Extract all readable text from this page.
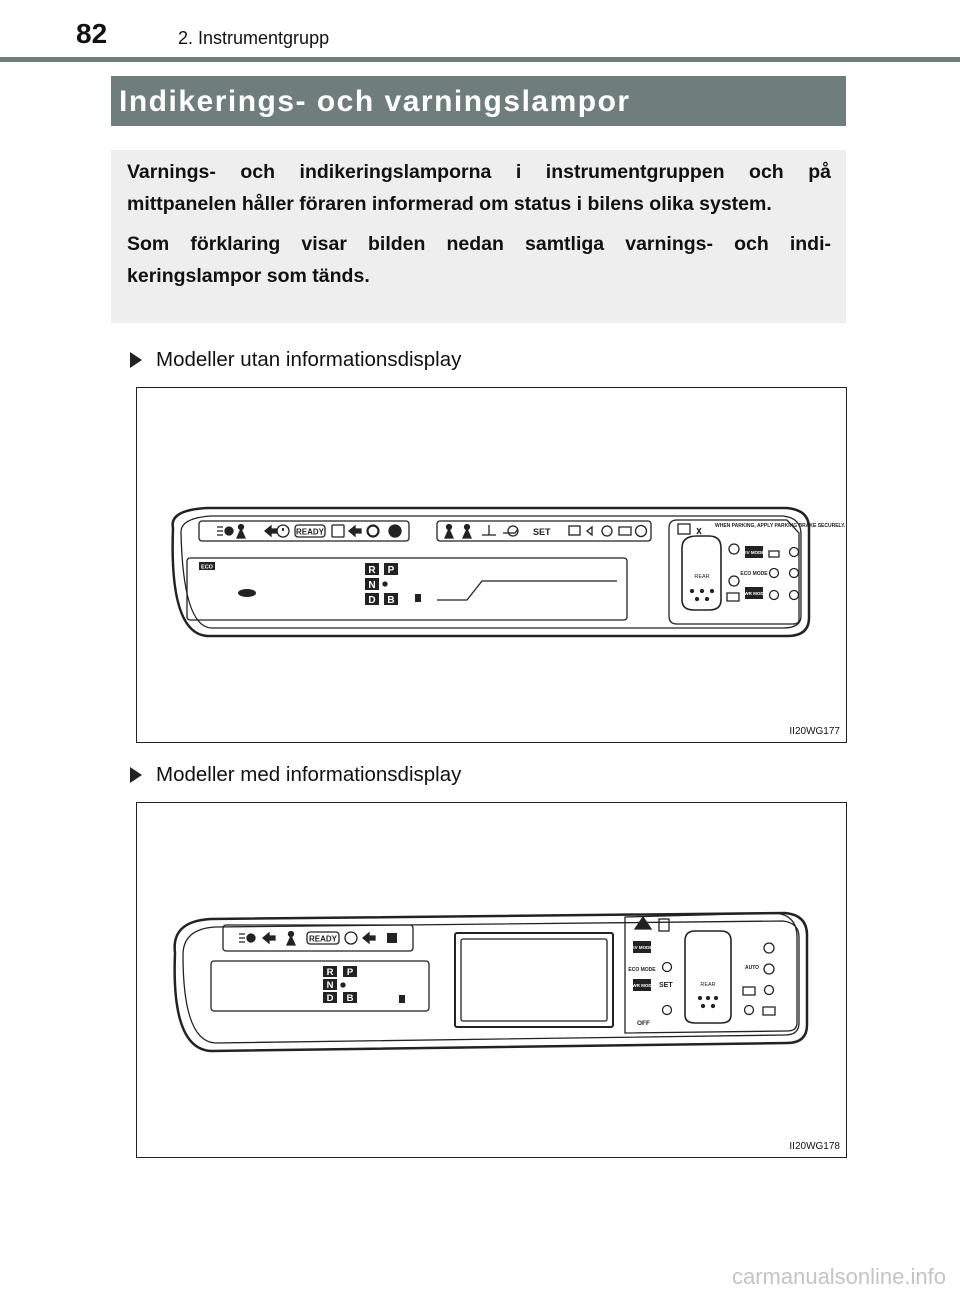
82	2. Instrumentgrupp
Indikerings- och varningslampor

Varnings- och indikeringslamporna i instrumentgruppen och på mittpanelen håller föraren informerad om status i bilens olika system.

Som förklaring visar bilden nedan samtliga varnings- och indi-keringslampor som tänds.

Modeller utan informationsdisplay
READY	SET
ECO	R P
N
D B
WHEN PARKING, APPLY PARKING BRAKE SECURELY.
REAR
EV MODE
ECO MODE
PWR MODE
II20WG177
Modeller med informationsdisplay
READY
R P
N
D B
EV MODE
ECO MODE
PWR MODE SET
OFF
REAR
AUTO
II20WG178
carmanualsonline.info
